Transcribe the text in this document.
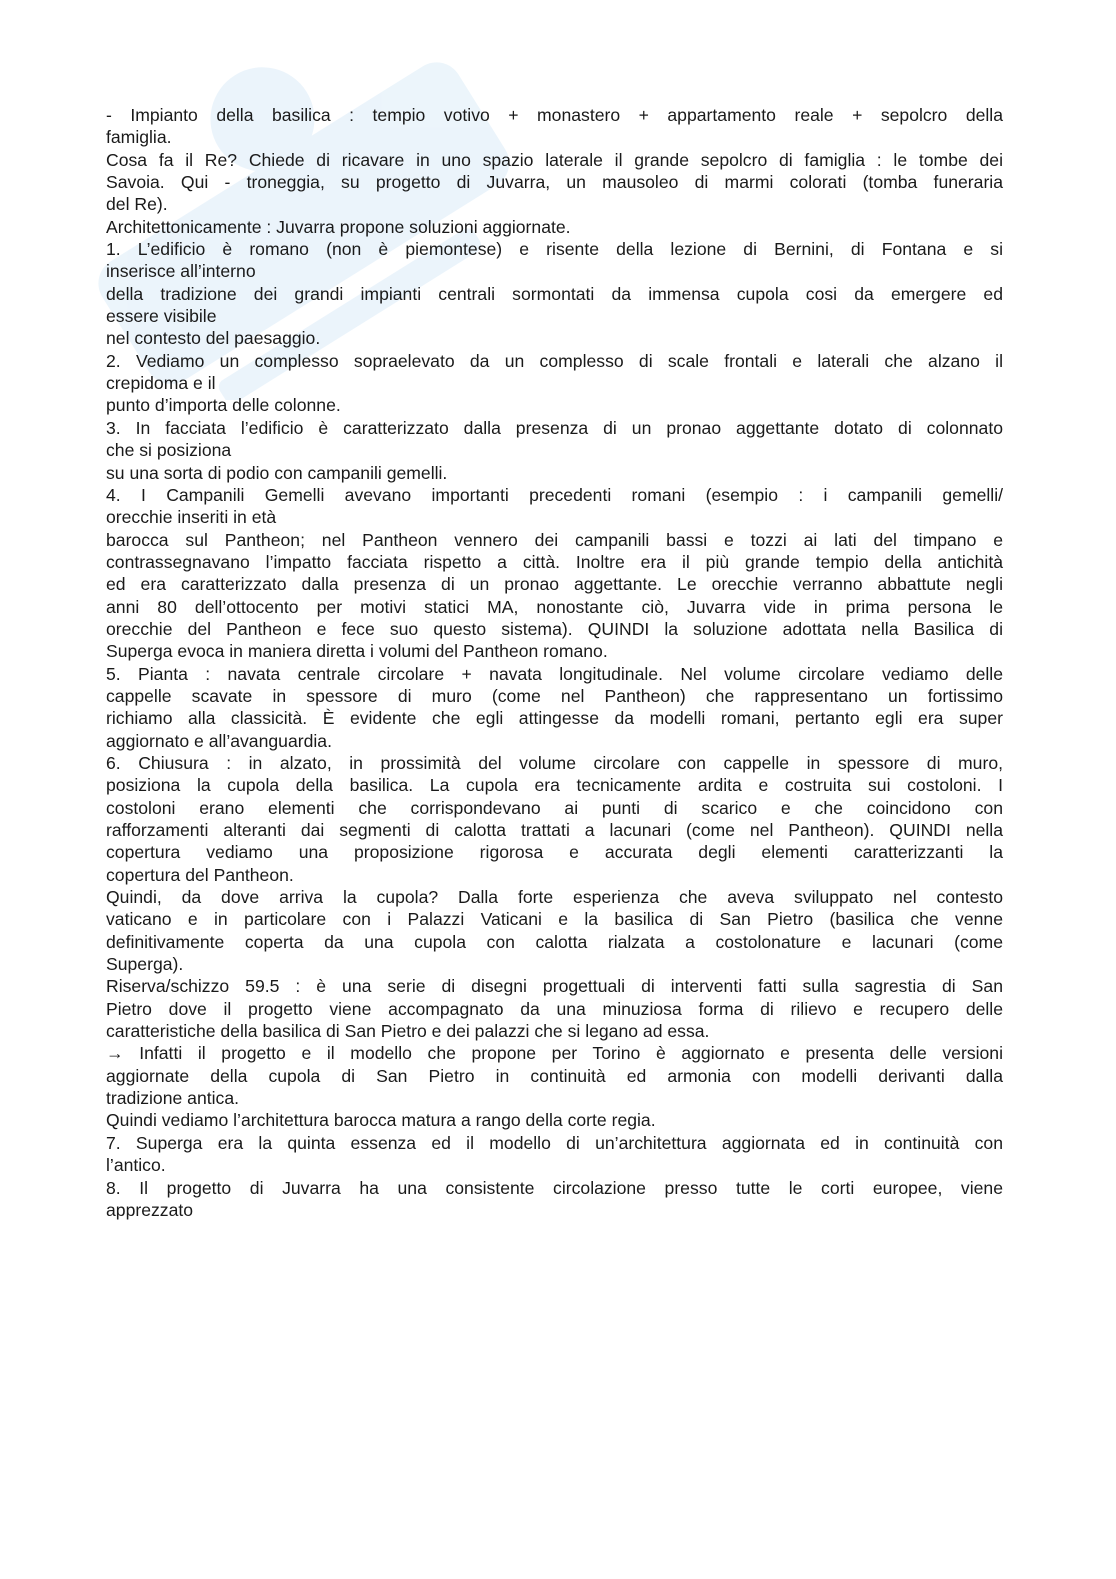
- Impianto della basilica : tempio votivo + monastero + appartamento reale + sepolcro della

famiglia.

Cosa fa il Re? Chiede di ricavare in uno spazio laterale il grande sepolcro di famiglia : le tombe dei

Savoia. Qui - troneggia, su progetto di Juvarra, un mausoleo di marmi colorati (tomba funeraria

del Re).

Architettonicamente : Juvarra propone soluzioni aggiornate.

1. L’edificio è romano (non è piemontese) e risente della lezione di Bernini, di Fontana e si

inserisce all’interno

della tradizione dei grandi impianti centrali sormontati da immensa cupola cosi da emergere ed

essere visibile

nel contesto del paesaggio.

2. Vediamo un complesso sopraelevato da un complesso di scale frontali e laterali che alzano il

crepidoma e il

punto d’importa delle colonne.

3. In facciata l’edificio è caratterizzato dalla presenza di un pronao aggettante dotato di colonnato

che si posiziona

su una sorta di podio con campanili gemelli.

4. I Campanili Gemelli avevano importanti precedenti romani (esempio : i campanili gemelli/

orecchie inseriti in età

barocca sul Pantheon; nel Pantheon vennero dei campanili bassi e tozzi ai lati del timpano e

contrassegnavano l’impatto facciata rispetto a città. Inoltre era il più grande tempio della antichità

ed era caratterizzato dalla presenza di un pronao aggettante. Le orecchie verranno abbattute negli

anni 80 dell’ottocento per motivi statici MA, nonostante ciò, Juvarra vide in prima persona le

orecchie del Pantheon e fece suo questo sistema). QUINDI la soluzione adottata nella Basilica di

Superga evoca in maniera diretta i volumi del Pantheon romano.

5. Pianta : navata centrale circolare + navata longitudinale. Nel volume circolare vediamo delle

cappelle scavate in spessore di muro (come nel Pantheon) che rappresentano un fortissimo

richiamo alla classicità. È evidente che egli attingesse da modelli romani, pertanto egli era super

aggiornato e all’avanguardia.

6. Chiusura : in alzato, in prossimità del volume circolare con cappelle in spessore di muro,

posiziona la cupola della basilica. La cupola era tecnicamente ardita e costruita sui costoloni. I

costoloni erano elementi che corrispondevano ai punti di scarico e che coincidono con

rafforzamenti alteranti dai segmenti di calotta trattati a lacunari (come nel Pantheon). QUINDI nella

copertura vediamo una proposizione rigorosa e accurata degli elementi caratterizzanti la

copertura del Pantheon.

Quindi, da dove arriva la cupola? Dalla forte esperienza che aveva sviluppato nel contesto

vaticano e in particolare con i Palazzi Vaticani e la basilica di San Pietro (basilica che venne

definitivamente coperta da una cupola con calotta rialzata a costolonature e lacunari (come

Superga).

Riserva/schizzo 59.5 : è una serie di disegni progettuali di interventi fatti sulla sagrestia di San

Pietro dove il progetto viene accompagnato da una minuziosa forma di rilievo e recupero delle

caratteristiche della basilica di San Pietro e dei palazzi che si legano ad essa.

→ Infatti il progetto e il modello che propone per Torino è aggiornato e presenta delle versioni

aggiornate della cupola di San Pietro in continuità ed armonia con modelli derivanti dalla

tradizione antica.

Quindi vediamo l’architettura barocca matura a rango della corte regia.

7. Superga era la quinta essenza ed il modello di un’architettura aggiornata ed in continuità con

l’antico.

8. Il progetto di Juvarra ha una consistente circolazione presso tutte le corti europee, viene

apprezzato
